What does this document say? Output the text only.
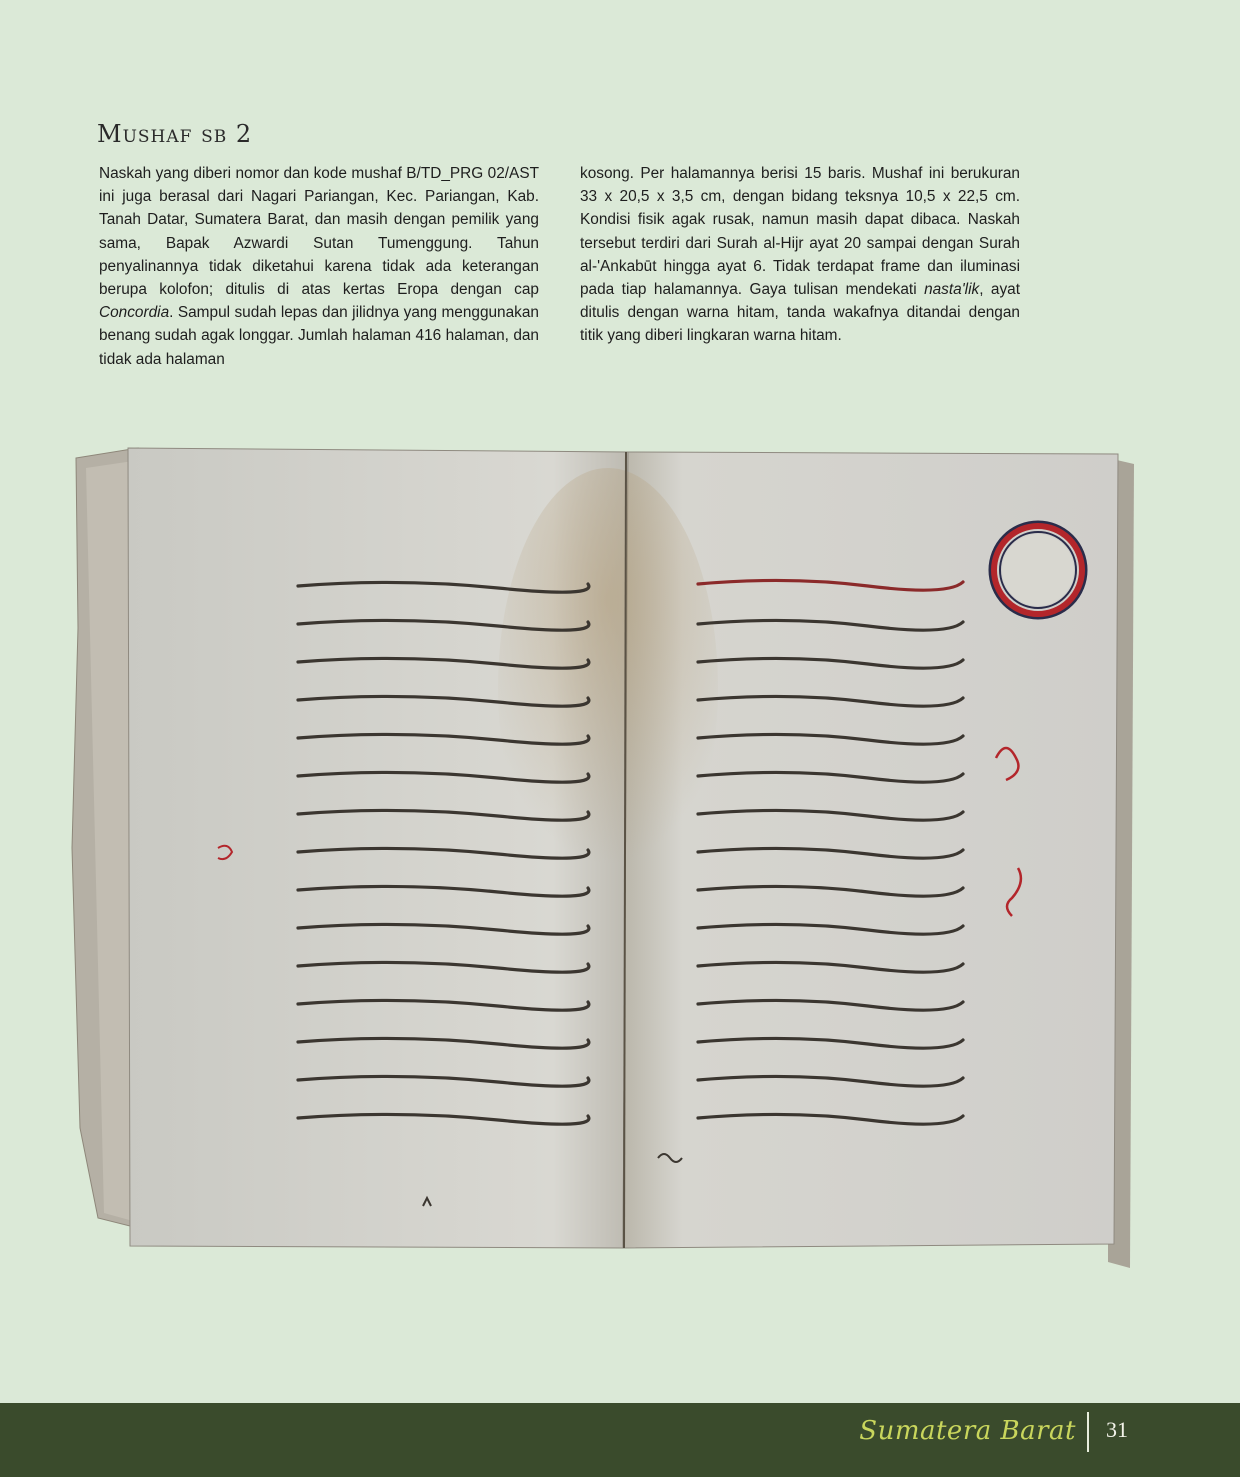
Mushaf sb 2

Naskah yang diberi nomor dan kode mushaf B/TD_PRG 02/AST ini juga berasal dari Nagari Pariangan, Kec. Pariangan, Kab. Tanah Datar, Sumatera Barat, dan masih dengan pemilik yang sama, Bapak Azwardi Sutan Tumenggung. Tahun penyalinannya tidak diketahui karena tidak ada keterangan berupa kolofon; ditulis di atas kertas Eropa dengan cap Concordia. Sampul sudah lepas dan jilidnya yang menggunakan benang sudah agak longgar. Jumlah halaman 416 halaman, dan tidak ada halaman

kosong. Per halamannya berisi 15 baris. Mushaf ini berukuran 33 x 20,5 x 3,5 cm, dengan bidang teksnya 10,5 x 22,5 cm. Kondisi fisik agak rusak, namun masih dapat dibaca. Naskah tersebut terdiri dari Surah al-Hijr ayat 20 sampai dengan Surah al-'Ankabūt hingga ayat 6. Tidak terdapat frame dan iluminasi pada tiap halamannya. Gaya tulisan mendekati nasta'lik, ayat ditulis dengan warna hitam, tanda wakafnya ditandai dengan titik yang diberi lingkaran warna hitam.

Sumatera Barat 31
